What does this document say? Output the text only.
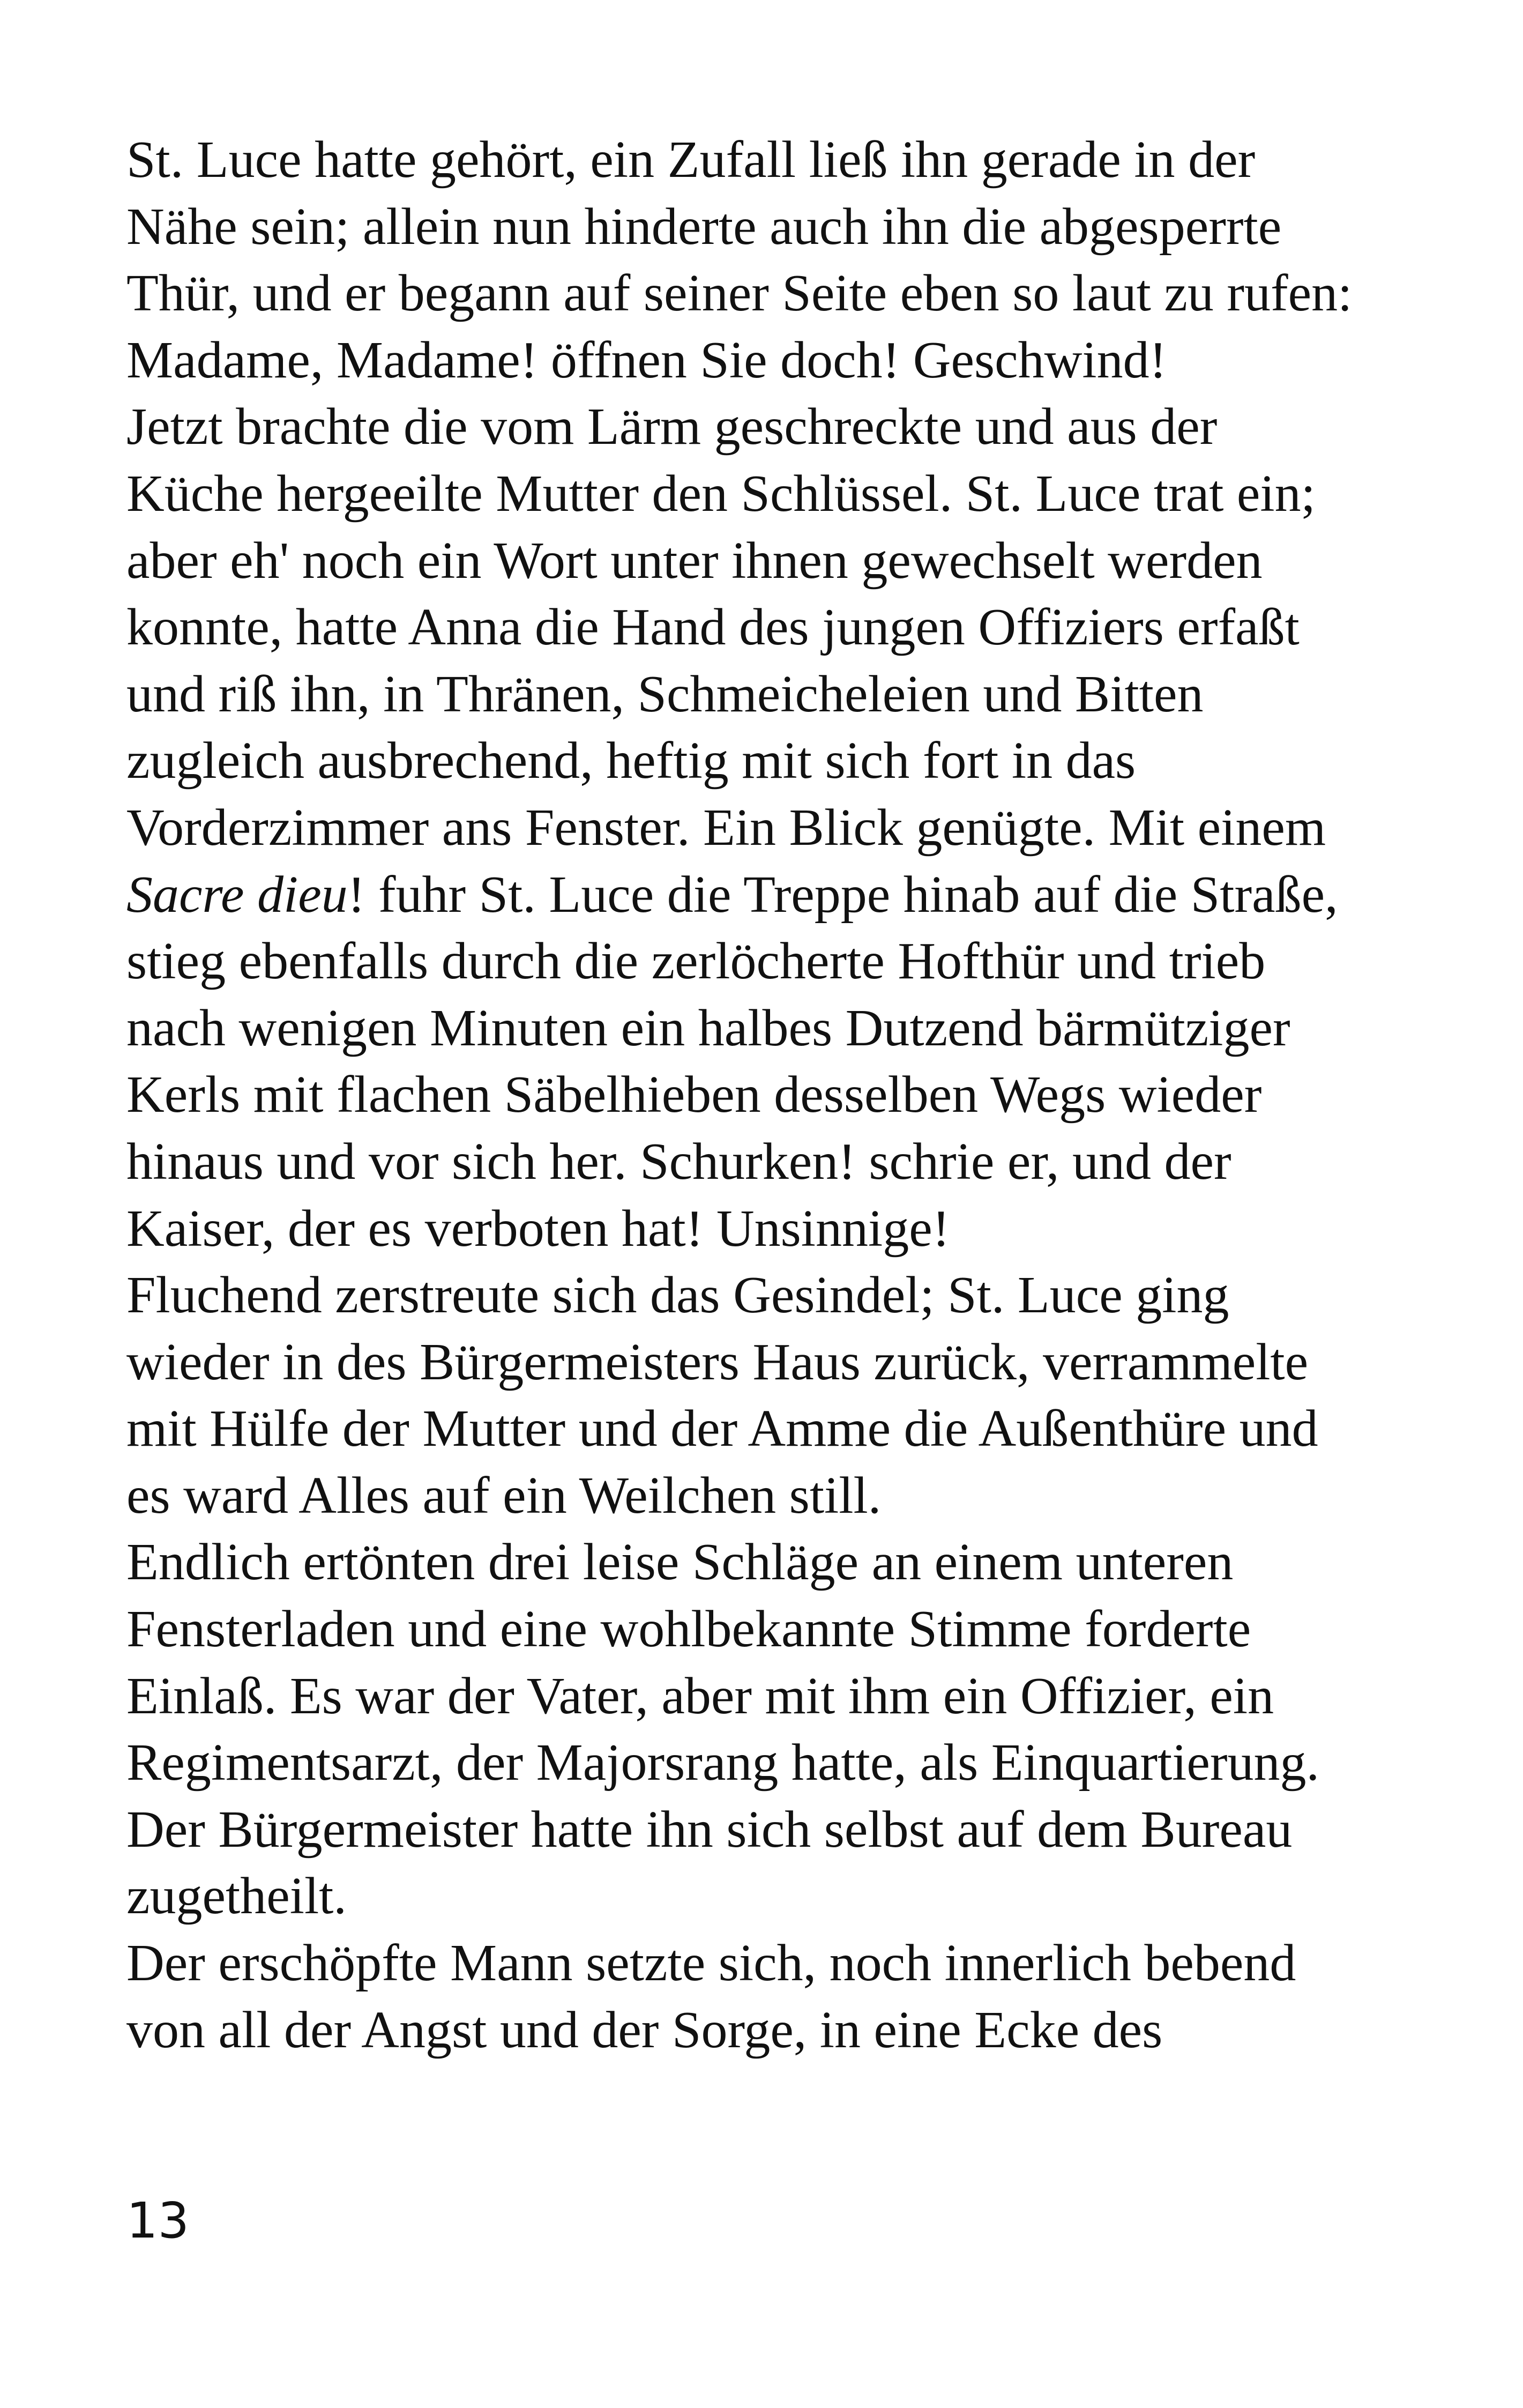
St. Luce hatte gehört, ein Zufall ließ ihn gerade in der
Nähe sein; allein nun hinderte auch ihn die abgesperrte
Thür, und er begann auf seiner Seite eben so laut zu rufen:
Madame, Madame! öffnen Sie doch! Geschwind!
Jetzt brachte die vom Lärm geschreckte und aus der
Küche hergeeilte Mutter den Schlüssel. St. Luce trat ein;
aber eh' noch ein Wort unter ihnen gewechselt werden
konnte, hatte Anna die Hand des jungen Offiziers erfaßt
und riß ihn, in Thränen, Schmeicheleien und Bitten
zugleich ausbrechend, heftig mit sich fort in das
Vorderzimmer ans Fenster. Ein Blick genügte. Mit einem
Sacre dieu! fuhr St. Luce die Treppe hinab auf die Straße,
stieg ebenfalls durch die zerlöcherte Hofthür und trieb
nach wenigen Minuten ein halbes Dutzend bärmütziger
Kerls mit flachen Säbelhieben desselben Wegs wieder
hinaus und vor sich her. Schurken! schrie er, und der
Kaiser, der es verboten hat! Unsinnige!
Fluchend zerstreute sich das Gesindel; St. Luce ging
wieder in des Bürgermeisters Haus zurück, verrammelte
mit Hülfe der Mutter und der Amme die Außenthüre und
es ward Alles auf ein Weilchen still.
Endlich ertönten drei leise Schläge an einem unteren
Fensterladen und eine wohlbekannte Stimme forderte
Einlaß. Es war der Vater, aber mit ihm ein Offizier, ein
Regimentsarzt, der Majorsrang hatte, als Einquartierung.
Der Bürgermeister hatte ihn sich selbst auf dem Bureau
zugetheilt.
Der erschöpfte Mann setzte sich, noch innerlich bebend
von all der Angst und der Sorge, in eine Ecke des
13
